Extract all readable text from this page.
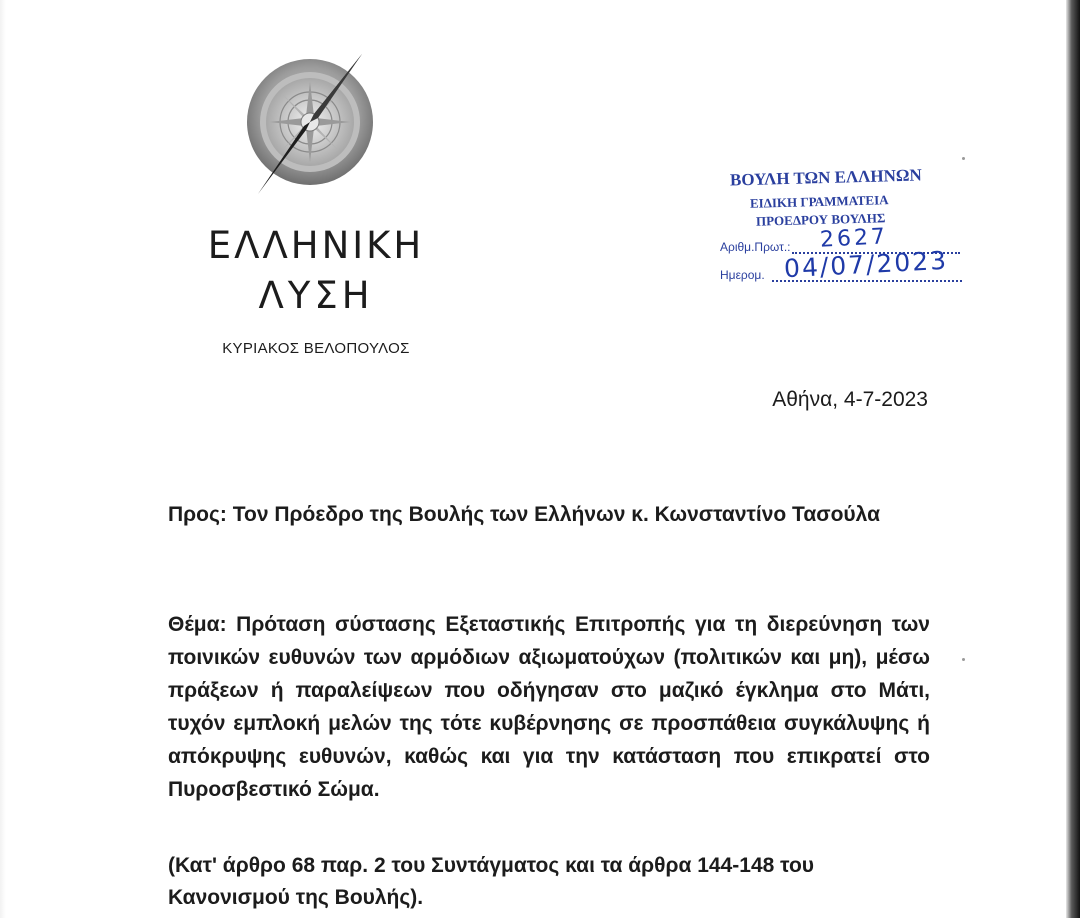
ΕΛΛΗΝΙΚΗ
ΛΥΣΗ
ΚΥΡΙΑΚΟΣ ΒΕΛΟΠΟΥΛΟΣ
ΒΟΥΛΗ ΤΩΝ ΕΛΛΗΝΩΝ
ΕΙΔΙΚΗ ΓΡΑΜΜΑΤΕΙΑ
ΠΡΟΕΔΡΟΥ ΒΟΥΛΗΣ
Αριθμ.Πρωτ.: 2627
Ημερομ. 04/07/2023
Αθήνα, 4-7-2023
Προς: Τον Πρόεδρο της Βουλής των Ελλήνων κ. Κωνσταντίνο Τασούλα
Θέμα: Πρόταση σύστασης Εξεταστικής Επιτροπής για τη διερεύνηση των ποινικών ευθυνών των αρμόδιων αξιωματούχων (πολιτικών και μη), μέσω πράξεων ή παραλείψεων που οδήγησαν στο μαζικό έγκλημα στο Μάτι, τυχόν εμπλοκή μελών της τότε κυβέρνησης σε προσπάθεια συγκάλυψης ή απόκρυψης ευθυνών, καθώς και για την κατάσταση που επικρατεί στο Πυροσβεστικό Σώμα.
(Κατ' άρθρο 68 παρ. 2 του Συντάγματος και τα άρθρα 144-148 του Κανονισμού της Βουλής).
